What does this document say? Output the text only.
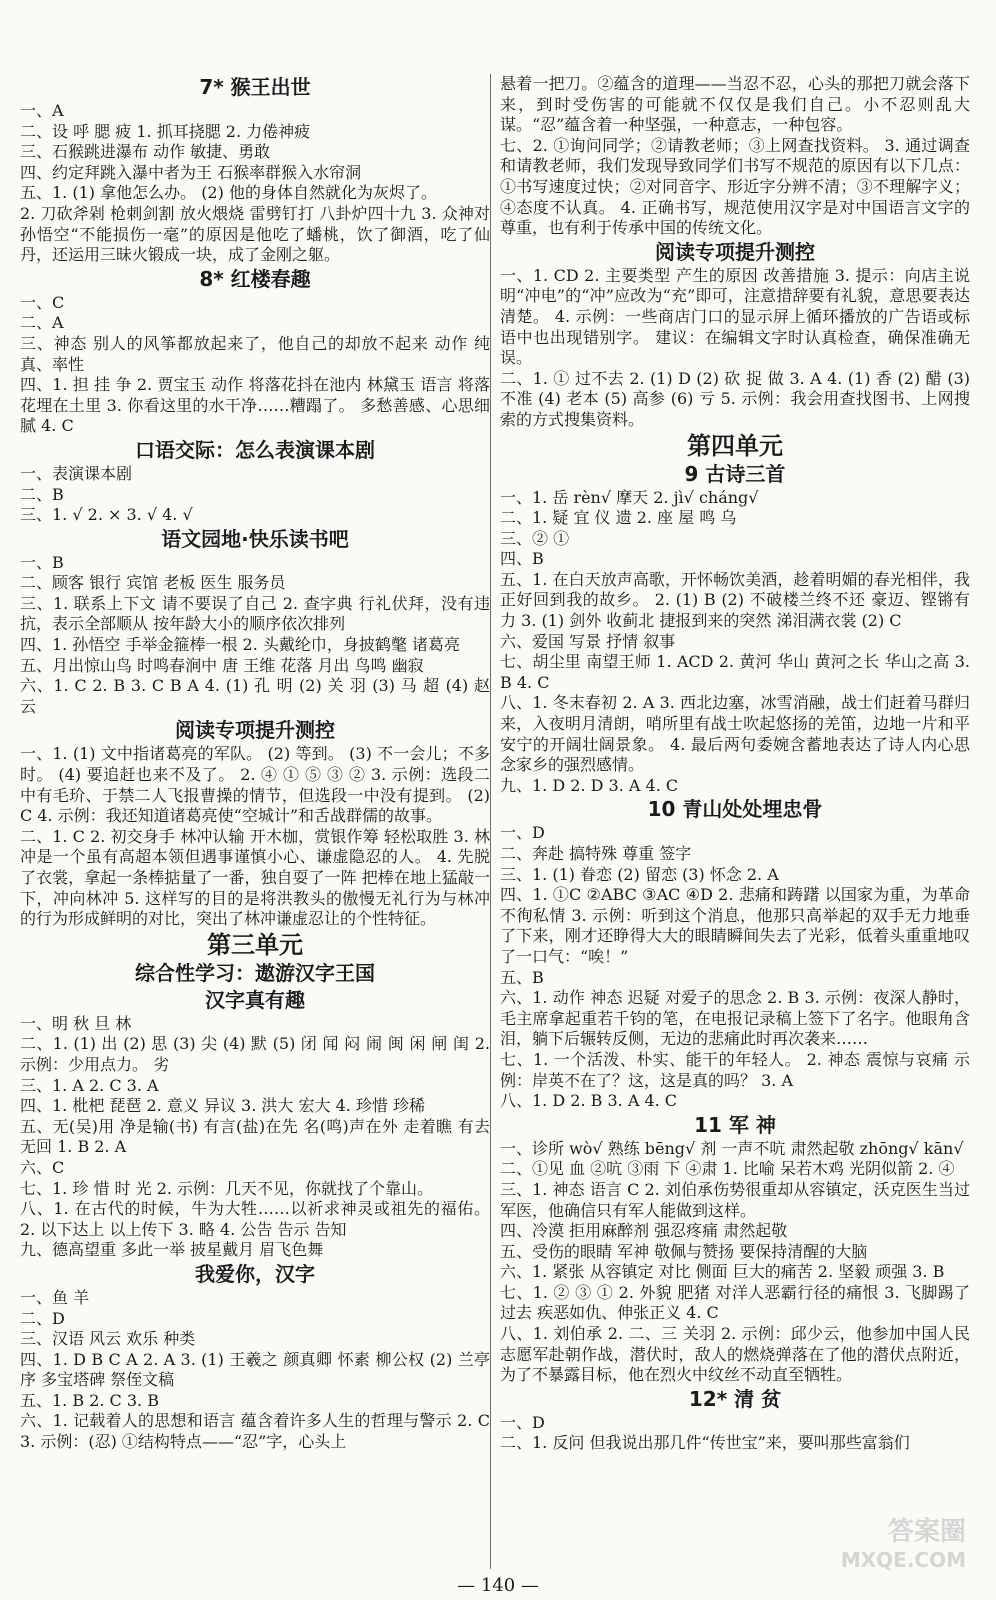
7* 猴王出世
一、A
二、设 呼 腮 疲 1. 抓耳挠腮 2. 力倦神疲
三、石猴跳进瀑布 动作 敏捷、勇敢
四、约定拜跳入瀑中者为王 石猴率群猴入水帘洞
五、1. (1) 拿他怎么办。 (2) 他的身体自然就化为灰烬了。
2. 刀砍斧剁 枪刺剑割 放火煨烧 雷劈钉打 八卦炉四十九 3. 众神对孙悟空“不能损伤一毫”的原因是他吃了蟠桃，饮了御酒，吃了仙丹，还运用三昧火锻成一块，成了金刚之躯。
8* 红楼春趣
一、C
二、A
三、神态 别人的风筝都放起来了，他自己的却放不起来 动作 纯真、率性
四、1. 担 挂 争 2. 贾宝玉 动作 将落花抖在池内 林黛玉 语言 将落花埋在土里 3. 你看这里的水干净……糟蹋了。 多愁善感、心思细腻 4. C
口语交际：怎么表演课本剧
一、表演课本剧
二、B
三、1. √ 2. × 3. √ 4. √
语文园地·快乐读书吧
一、B
二、顾客 银行 宾馆 老板 医生 服务员
三、1. 联系上下文 请不要误了自己 2. 查字典 行礼伏拜，没有违抗，表示全部顺从 按年龄大小的顺序依次排列
四、1. 孙悟空 手举金箍棒一根 2. 头戴纶巾，身披鹤氅 诸葛亮
五、月出惊山鸟 时鸣春涧中 唐 王维 花落 月出 鸟鸣 幽寂
六、1. C 2. B 3. C B A 4. (1) 孔 明 (2) 关 羽 (3) 马 超 (4) 赵 云
阅读专项提升测控
一、1. (1) 文中指诸葛亮的军队。 (2) 等到。 (3) 不一会儿；不多时。 (4) 要追赶也来不及了。 2. ④ ① ⑤ ③ ② 3. 示例：选段二中有毛玠、于禁二人飞报曹操的情节，但选段一中没有提到。 (2) C 4. 示例：我还知道诸葛亮使“空城计”和舌战群儒的故事。
二、1. C 2. 初交身手 林冲认输 开木枷，赏银作筹 轻松取胜 3. 林冲是一个虽有高超本领但遇事谨慎小心、谦虚隐忍的人。 4. 先脱了衣裳，拿起一条棒掂量了一番，独自耍了一阵 把棒在地上猛敲一下，冲向林冲 5. 这样写的目的是将洪教头的傲慢无礼行为与林冲的行为形成鲜明的对比，突出了林冲谦虚忍让的个性特征。
第三单元
综合性学习：遨游汉字王国
汉字真有趣
一、明 秋 旦 林
二、1. (1) 出 (2) 思 (3) 尖 (4) 默 (5) 闭 闻 闷 闹 闽 闲 闸 闺 2. 示例：少用点力。 劣
三、1. A 2. C 3. A
四、1. 枇杷 琵琶 2. 意义 异议 3. 洪大 宏大 4. 珍惜 珍稀
五、无(吴)用 净是输(书) 有言(盐)在先 名(鸣)声在外 走着瞧 有去无回 1. B 2. A
六、C
七、1. 珍 惜 时 光 2. 示例：几天不见，你就找了个靠山。
八、1. 在古代的时候，牛为大牲……以祈求神灵或祖先的福佑。 2. 以下达上 以上传下 3. 略 4. 公告 告示 告知
九、德高望重 多此一举 披星戴月 眉飞色舞
我爱你，汉字
一、鱼 羊
二、D
三、汉语 风云 欢乐 种类
四、1. D B C A 2. A 3. (1) 王羲之 颜真卿 怀素 柳公权 (2) 兰亭序 多宝塔碑 祭侄文稿
五、1. B 2. C 3. B
六、1. 记载着人的思想和语言 蕴含着许多人生的哲理与警示 2. C 3. 示例：(忍) ①结构特点——“忍”字，心头上
悬着一把刀。②蕴含的道理——当忍不忍，心头的那把刀就会落下来，到时受伤害的可能就不仅仅是我们自己。小不忍则乱大谋。“忍”蕴含着一种坚强，一种意志，一种包容。
七、2. ①询问同学；②请教老师；③上网查找资料。 3. 通过调查和请教老师，我们发现导致同学们书写不规范的原因有以下几点：①书写速度过快；②对同音字、形近字分辨不清；③不理解字义；④态度不认真。 4. 正确书写，规范使用汉字是对中国语言文字的尊重，也有利于传承中国的传统文化。
阅读专项提升测控
一、1. CD 2. 主要类型 产生的原因 改善措施 3. 提示：向店主说明“冲电”的“冲”应改为“充”即可，注意措辞要有礼貌，意思要表达清楚。 4. 示例：一些商店门口的显示屏上循环播放的广告语或标语中也出现错别字。 建议：在编辑文字时认真检查，确保准确无误。
二、1. ① 过不去 2. (1) D (2) 砍 捉 做 3. A 4. (1) 香 (2) 醋 (3) 不准 (4) 老本 (5) 高参 (6) 亏 5. 示例：我会用查找图书、上网搜索的方式搜集资料。
第四单元
9 古诗三首
一、1. 岳 rèn√ 摩天 2. jì√ cháng√
二、1. 疑 宜 仪 遗 2. 座 屋 鸣 乌
三、② ①
四、B
五、1. 在白天放声高歌，开怀畅饮美酒，趁着明媚的春光相伴，我正好回到我的故乡。 2. (1) B (2) 不破楼兰终不还 豪迈、铿锵有力 3. (1) 剑外 收蓟北 捷报到来的突然 涕泪满衣裳 (2) C
六、爱国 写景 抒情 叙事
七、胡尘里 南望王师 1. ACD 2. 黄河 华山 黄河之长 华山之高 3. B 4. C
八、1. 冬末春初 2. A 3. 西北边塞，冰雪消融，战士们赶着马群归来，入夜明月清朗，哨所里有战士吹起悠扬的羌笛，边地一片和平安宁的开阔壮阔景象。 4. 最后两句委婉含蓄地表达了诗人内心思念家乡的强烈感情。
九、1. D 2. D 3. A 4. C
10 青山处处埋忠骨
一、D
二、奔赴 搞特殊 尊重 签字
三、1. (1) 眷恋 (2) 留恋 (3) 怀念 2. A
四、1. ①C ②ABC ③AC ④D 2. 悲痛和踌躇 以国家为重，为革命不徇私情 3. 示例：听到这个消息，他那只高举起的双手无力地垂了下来，刚才还睁得大大的眼睛瞬间失去了光彩，低着头重重地叹了一口气：“唉！”
五、B
六、1. 动作 神态 迟疑 对爱子的思念 2. B 3. 示例：夜深人静时，毛主席拿起重若千钧的笔，在电报记录稿上签下了名字。他眼角含泪，躺下后辗转反侧，无边的悲痛此时再次袭来……
七、1. 一个活泼、朴实、能干的年轻人。 2. 神态 震惊与哀痛 示例：岸英不在了？这，这是真的吗？ 3. A
八、1. D 2. B 3. A 4. C
11 军 神
一、诊所 wò√ 熟练 bēng√ 剂 一声不吭 肃然起敬 zhōng√ kān√
二、①见 血 ②吭 ③雨 下 ④肃 1. 比喻 呆若木鸡 光阴似箭 2. ④
三、1. 神态 语言 C 2. 刘伯承伤势很重却从容镇定，沃克医生当过军医，他确信只有军人能做到这样。
四、冷漠 拒用麻醉剂 强忍疼痛 肃然起敬
五、受伤的眼睛 军神 敬佩与赞扬 要保持清醒的大脑
六、1. 紧张 从容镇定 对比 侧面 巨大的痛苦 2. 坚毅 顽强 3. B
七、1. ② ③ ① 2. 外貌 肥猪 对洋人恶霸行径的痛恨 3. 飞脚踢了过去 疾恶如仇、伸张正义 4. C
八、1. 刘伯承 2. 二、三 关羽 2. 示例：邱少云，他参加中国人民志愿军赴朝作战，潜伏时，敌人的燃烧弹落在了他的潜伏点附近，为了不暴露目标，他在烈火中纹丝不动直至牺牲。
12* 清 贫
一、D
二、1. 反问 但我说出那几件“传世宝”来，要叫那些富翁们
— 140 —
答案圈
MXQE.COM
